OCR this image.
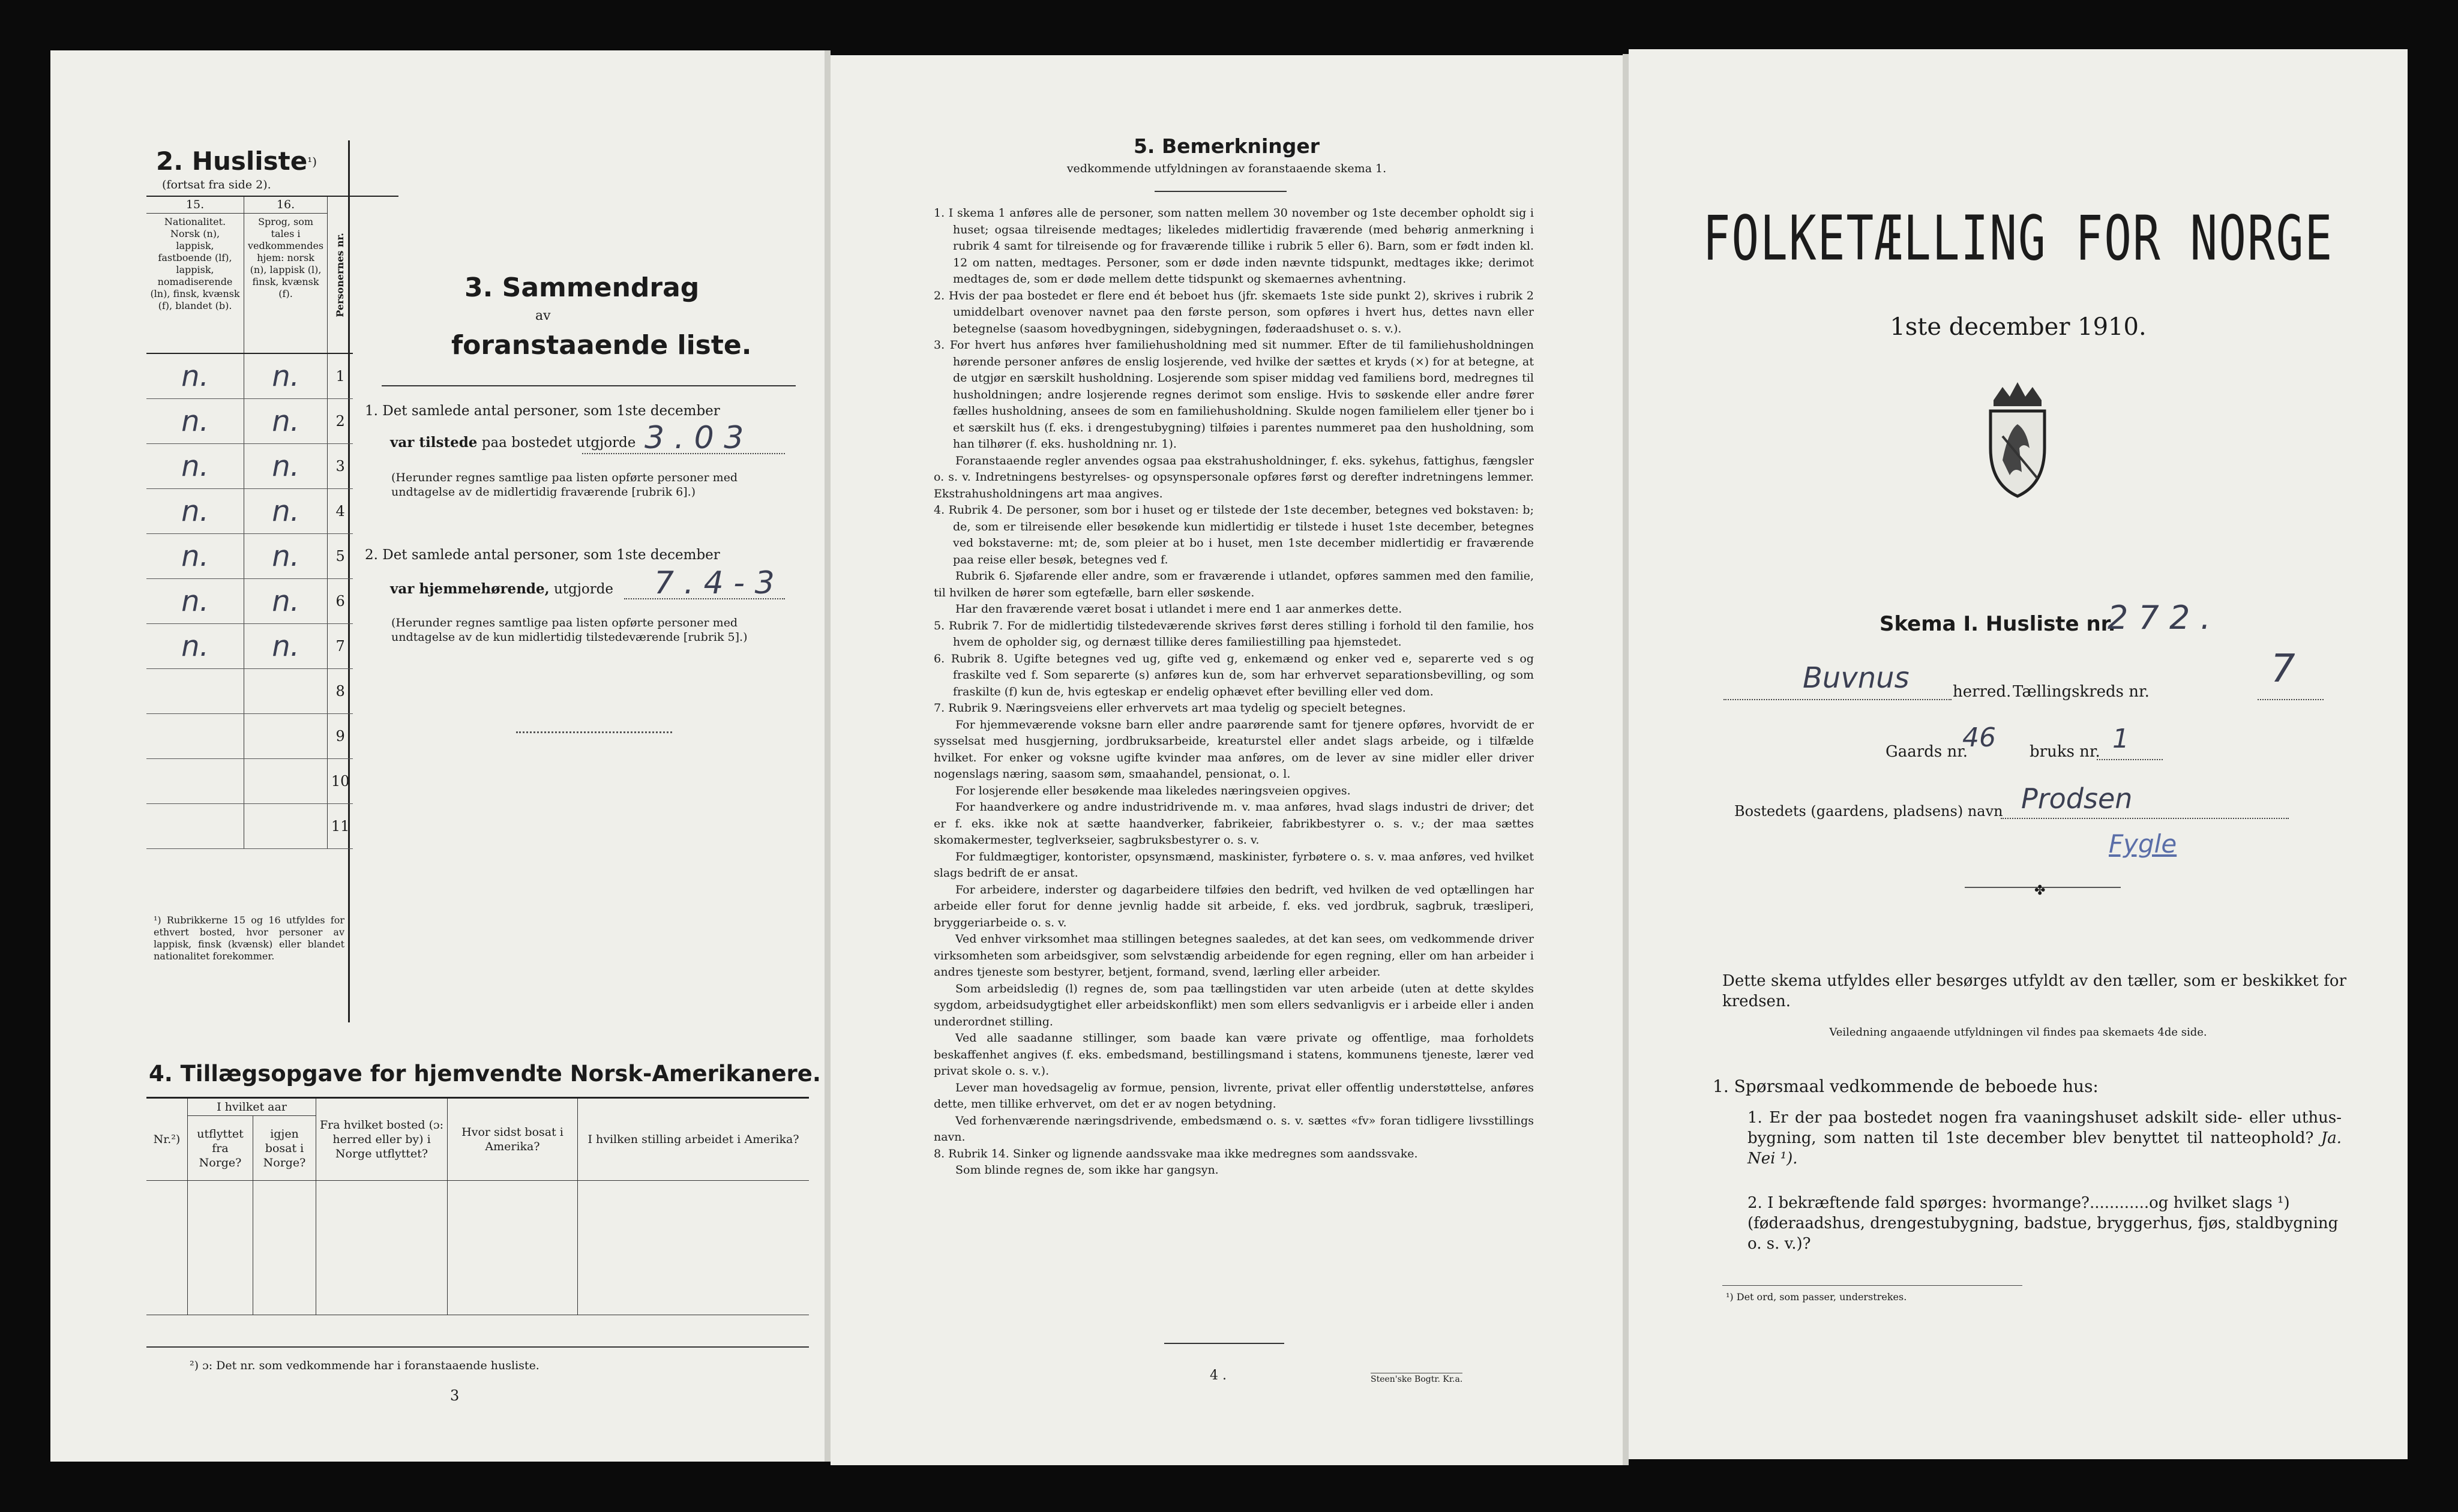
2. Husliste$^{^1)}$
(fortsat fra side 2).
15.	16.	Personernes nr.	

Nationalitet. Norsk (n), lappisk, fastboende (lf), lappisk, nomadiserende (ln), finsk, kvænsk (f), blandet (b).	Sprog, som tales i vedkommendes hjem: norsk (n), lappisk (l), finsk, kvænsk (f).		
n.	n.	1	
n.	n.	2	
n.	n.	3	
n.	n.	4	
n.	n.	5	
n.	n.	6	
n.	n.	7	
		8	
		9	
		10	
		11	
¹) Rubrikkerne 15 og 16 utfyldes for ethvert bosted, hvor personer av lappisk, finsk (kvænsk) eller blandet nationalitet forekommer.
3. Sammendrag
av
foranstaaende liste.
1. Det samlede antal personer, som 1ste december
var tilstede paa bostedet utgjorde 3 . 0 3
(Herunder regnes samtlige paa listen opførte personer med undtagelse av de midlertidig fraværende [rubrik 6].)
2. Det samlede antal personer, som 1ste december
var hjemmehørende, utgjorde 7 . 4 - 3
(Herunder regnes samtlige paa listen opførte personer med undtagelse av de kun midlertidig tilstedeværende [rubrik 5].)
4. Tillægsopgave for hjemvendte Norsk-Amerikanere.
Nr.²)	I hvilket aar		Fra hvilket bosted (ɔ: herred eller by) i Norge utflyttet?	Hvor sidst bosat i Amerika?	I hvilken stilling arbeidet i Amerika?
	utflyttet fra Norge?	igjen bosat i Norge?			

²) ɔ: Det nr. som vedkommende har i foranstaaende husliste.
3
5. Bemerkninger
vedkommende utfyldningen av foranstaaende skema 1.

1. I skema 1 anføres alle de personer, som natten mellem 30 november og 1ste december opholdt sig i huset; ogsaa tilreisende medtages; likeledes midlertidig fraværende (med behørig anmerkning i rubrik 4 samt for tilreisende og for fraværende tillike i rubrik 5 eller 6). Barn, som er født inden kl. 12 om natten, medtages. Personer, som er døde inden nævnte tidspunkt, medtages ikke; derimot medtages de, som er døde mellem dette tidspunkt og skemaernes avhentning.

2. Hvis der paa bostedet er flere end ét beboet hus (jfr. skemaets 1ste side punkt 2), skrives i rubrik 2 umiddelbart ovenover navnet paa den første person, som opføres i hvert hus, dettes navn eller betegnelse (saasom hovedbygningen, sidebygningen, føderaadshuset o. s. v.).

3. For hvert hus anføres hver familiehusholdning med sit nummer. Efter de til familiehusholdningen hørende personer anføres de enslig losjerende, ved hvilke der sættes et kryds (×) for at betegne, at de utgjør en særskilt husholdning. Losjerende som spiser middag ved familiens bord, medregnes til husholdningen; andre losjerende regnes derimot som enslige. Hvis to søskende eller andre fører fælles husholdning, ansees de som en familiehusholdning. Skulde nogen familielem eller tjener bo i et særskilt hus (f. eks. i drengestubygning) tilføies i parentes nummeret paa den husholdning, som han tilhører (f. eks. husholdning nr. 1).

Foranstaaende regler anvendes ogsaa paa ekstrahusholdninger, f. eks. sykehus, fattighus, fængsler o. s. v. Indretningens bestyrelses- og opsynspersonale opføres først og derefter indretningens lemmer. Ekstrahusholdningens art maa angives.

4. Rubrik 4. De personer, som bor i huset og er tilstede der 1ste december, betegnes ved bokstaven: b; de, som er tilreisende eller besøkende kun midlertidig er tilstede i huset 1ste december, betegnes ved bokstaverne: mt; de, som pleier at bo i huset, men 1ste december midlertidig er fraværende paa reise eller besøk, betegnes ved f.

Rubrik 6. Sjøfarende eller andre, som er fraværende i utlandet, opføres sammen med den familie, til hvilken de hører som egtefælle, barn eller søskende.

Har den fraværende været bosat i utlandet i mere end 1 aar anmerkes dette.

5. Rubrik 7. For de midlertidig tilstedeværende skrives først deres stilling i forhold til den familie, hos hvem de opholder sig, og dernæst tillike deres familiestilling paa hjemstedet.

6. Rubrik 8. Ugifte betegnes ved ug, gifte ved g, enkemænd og enker ved e, separerte ved s og fraskilte ved f. Som separerte (s) anføres kun de, som har erhvervet separationsbevilling, og som fraskilte (f) kun de, hvis egteskap er endelig ophævet efter bevilling eller ved dom.

7. Rubrik 9. Næringsveiens eller erhvervets art maa tydelig og specielt betegnes.

For hjemmeværende voksne barn eller andre paarørende samt for tjenere opføres, hvorvidt de er sysselsat med husgjerning, jordbruksarbeide, kreaturstel eller andet slags arbeide, og i tilfælde hvilket. For enker og voksne ugifte kvinder maa anføres, om de lever av sine midler eller driver nogenslags næring, saasom søm, smaahandel, pensionat, o. l.

For losjerende eller besøkende maa likeledes næringsveien opgives.

For haandverkere og andre industridrivende m. v. maa anføres, hvad slags industri de driver; det er f. eks. ikke nok at sætte haandverker, fabrikeier, fabrikbestyrer o. s. v.; der maa sættes skomakermester, teglverkseier, sagbruksbestyrer o. s. v.

For fuldmægtiger, kontorister, opsynsmænd, maskinister, fyrbøtere o. s. v. maa anføres, ved hvilket slags bedrift de er ansat.

For arbeidere, inderster og dagarbeidere tilføies den bedrift, ved hvilken de ved optællingen har arbeide eller forut for denne jevnlig hadde sit arbeide, f. eks. ved jordbruk, sagbruk, træsliperi, bryggeriarbeide o. s. v.

Ved enhver virksomhet maa stillingen betegnes saaledes, at det kan sees, om vedkommende driver virksomheten som arbeidsgiver, som selvstændig arbeidende for egen regning, eller om han arbeider i andres tjeneste som bestyrer, betjent, formand, svend, lærling eller arbeider.

Som arbeidsledig (l) regnes de, som paa tællingstiden var uten arbeide (uten at dette skyldes sygdom, arbeidsudygtighet eller arbeidskonflikt) men som ellers sedvanligvis er i arbeide eller i anden underordnet stilling.

Ved alle saadanne stillinger, som baade kan være private og offentlige, maa forholdets beskaffenhet angives (f. eks. embedsmand, bestillingsmand i statens, kommunens tjeneste, lærer ved privat skole o. s. v.).

Lever man hovedsagelig av formue, pension, livrente, privat eller offentlig understøttelse, anføres dette, men tillike erhvervet, om det er av nogen betydning.

Ved forhenværende næringsdrivende, embedsmænd o. s. v. sættes «fv» foran tidligere livsstillings navn.

8. Rubrik 14. Sinker og lignende aandssvake maa ikke medregnes som aandssvake.

Som blinde regnes de, som ikke har gangsyn.

4 .	Steen'ske Bogtr. Kr.a.
FOLKETÆLLING FOR NORGE
1ste december 1910.
Skema I. Husliste nr.
2 7 2 .
Buvnus	herred. Tællingskreds nr.
7
Gaards nr.
46 bruks nr. 1
Bostedets (gaardens, pladsens) navn Prodsen
Fygle
✤
Dette skema utfyldes eller besørges utfyldt av den tæller, som er beskikket for kredsen.
Veiledning angaaende utfyldningen vil findes paa skemaets 4de side.
1. Spørsmaal vedkommende de beboede hus:
1. Er der paa bostedet nogen fra vaaningshuset adskilt side- eller uthus-bygning, som natten til 1ste december blev benyttet til natteophold? Ja. Nei ¹).
2. I bekræftende fald spørges: hvormange?............og hvilket slags ¹) (føderaadshus, drengestubygning, badstue, bryggerhus, fjøs, staldbygning o. s. v.)?
¹) Det ord, som passer, understrekes.
